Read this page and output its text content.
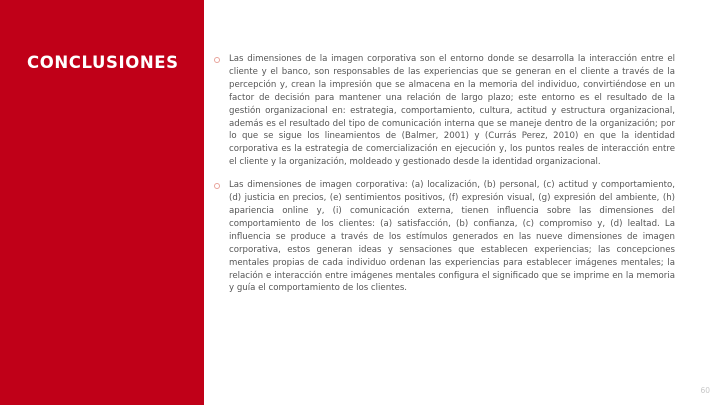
CONCLUSIONES	Las dimensiones de la imagen corporativa son el entorno donde se desarrolla la interacción entre el cliente y el banco, son responsables de las experiencias que se generan en el cliente a través de la percepción y, crean la impresión que se almacena en la memoria del individuo, convirtiéndose en un factor de decisión para mantener una relación de largo plazo; este entorno es el resultado de la gestión organizacional en: estrategia, comportamiento, cultura, actitud y estructura organizacional, además es el resultado del tipo de comunicación interna que se maneje dentro de la organización; por lo que se sigue los lineamientos de (Balmer, 2001) y (Currás Perez, 2010) en que la identidad corporativa es la estrategia de comercialización en ejecución y, los puntos reales de interacción entre el cliente y la organización, moldeado y gestionado desde la identidad organizacional.
Las dimensiones de imagen corporativa: (a) localización, (b) personal, (c) actitud y comportamiento, (d) justicia en precios, (e) sentimientos positivos, (f) expresión visual, (g) expresión del ambiente, (h) apariencia online y, (i) comunicación externa, tienen influencia sobre las dimensiones del comportamiento de los clientes: (a) satisfacción, (b) confianza, (c) compromiso y, (d) lealtad. La influencia se produce a través de los estímulos generados en las nueve dimensiones de imagen corporativa, estos generan ideas y sensaciones que establecen experiencias; las concepciones mentales propias de cada individuo ordenan las experiencias para establecer imágenes mentales; la relación e interacción entre imágenes mentales configura el significado que se imprime en la memoria y guía el comportamiento de los clientes.
60
